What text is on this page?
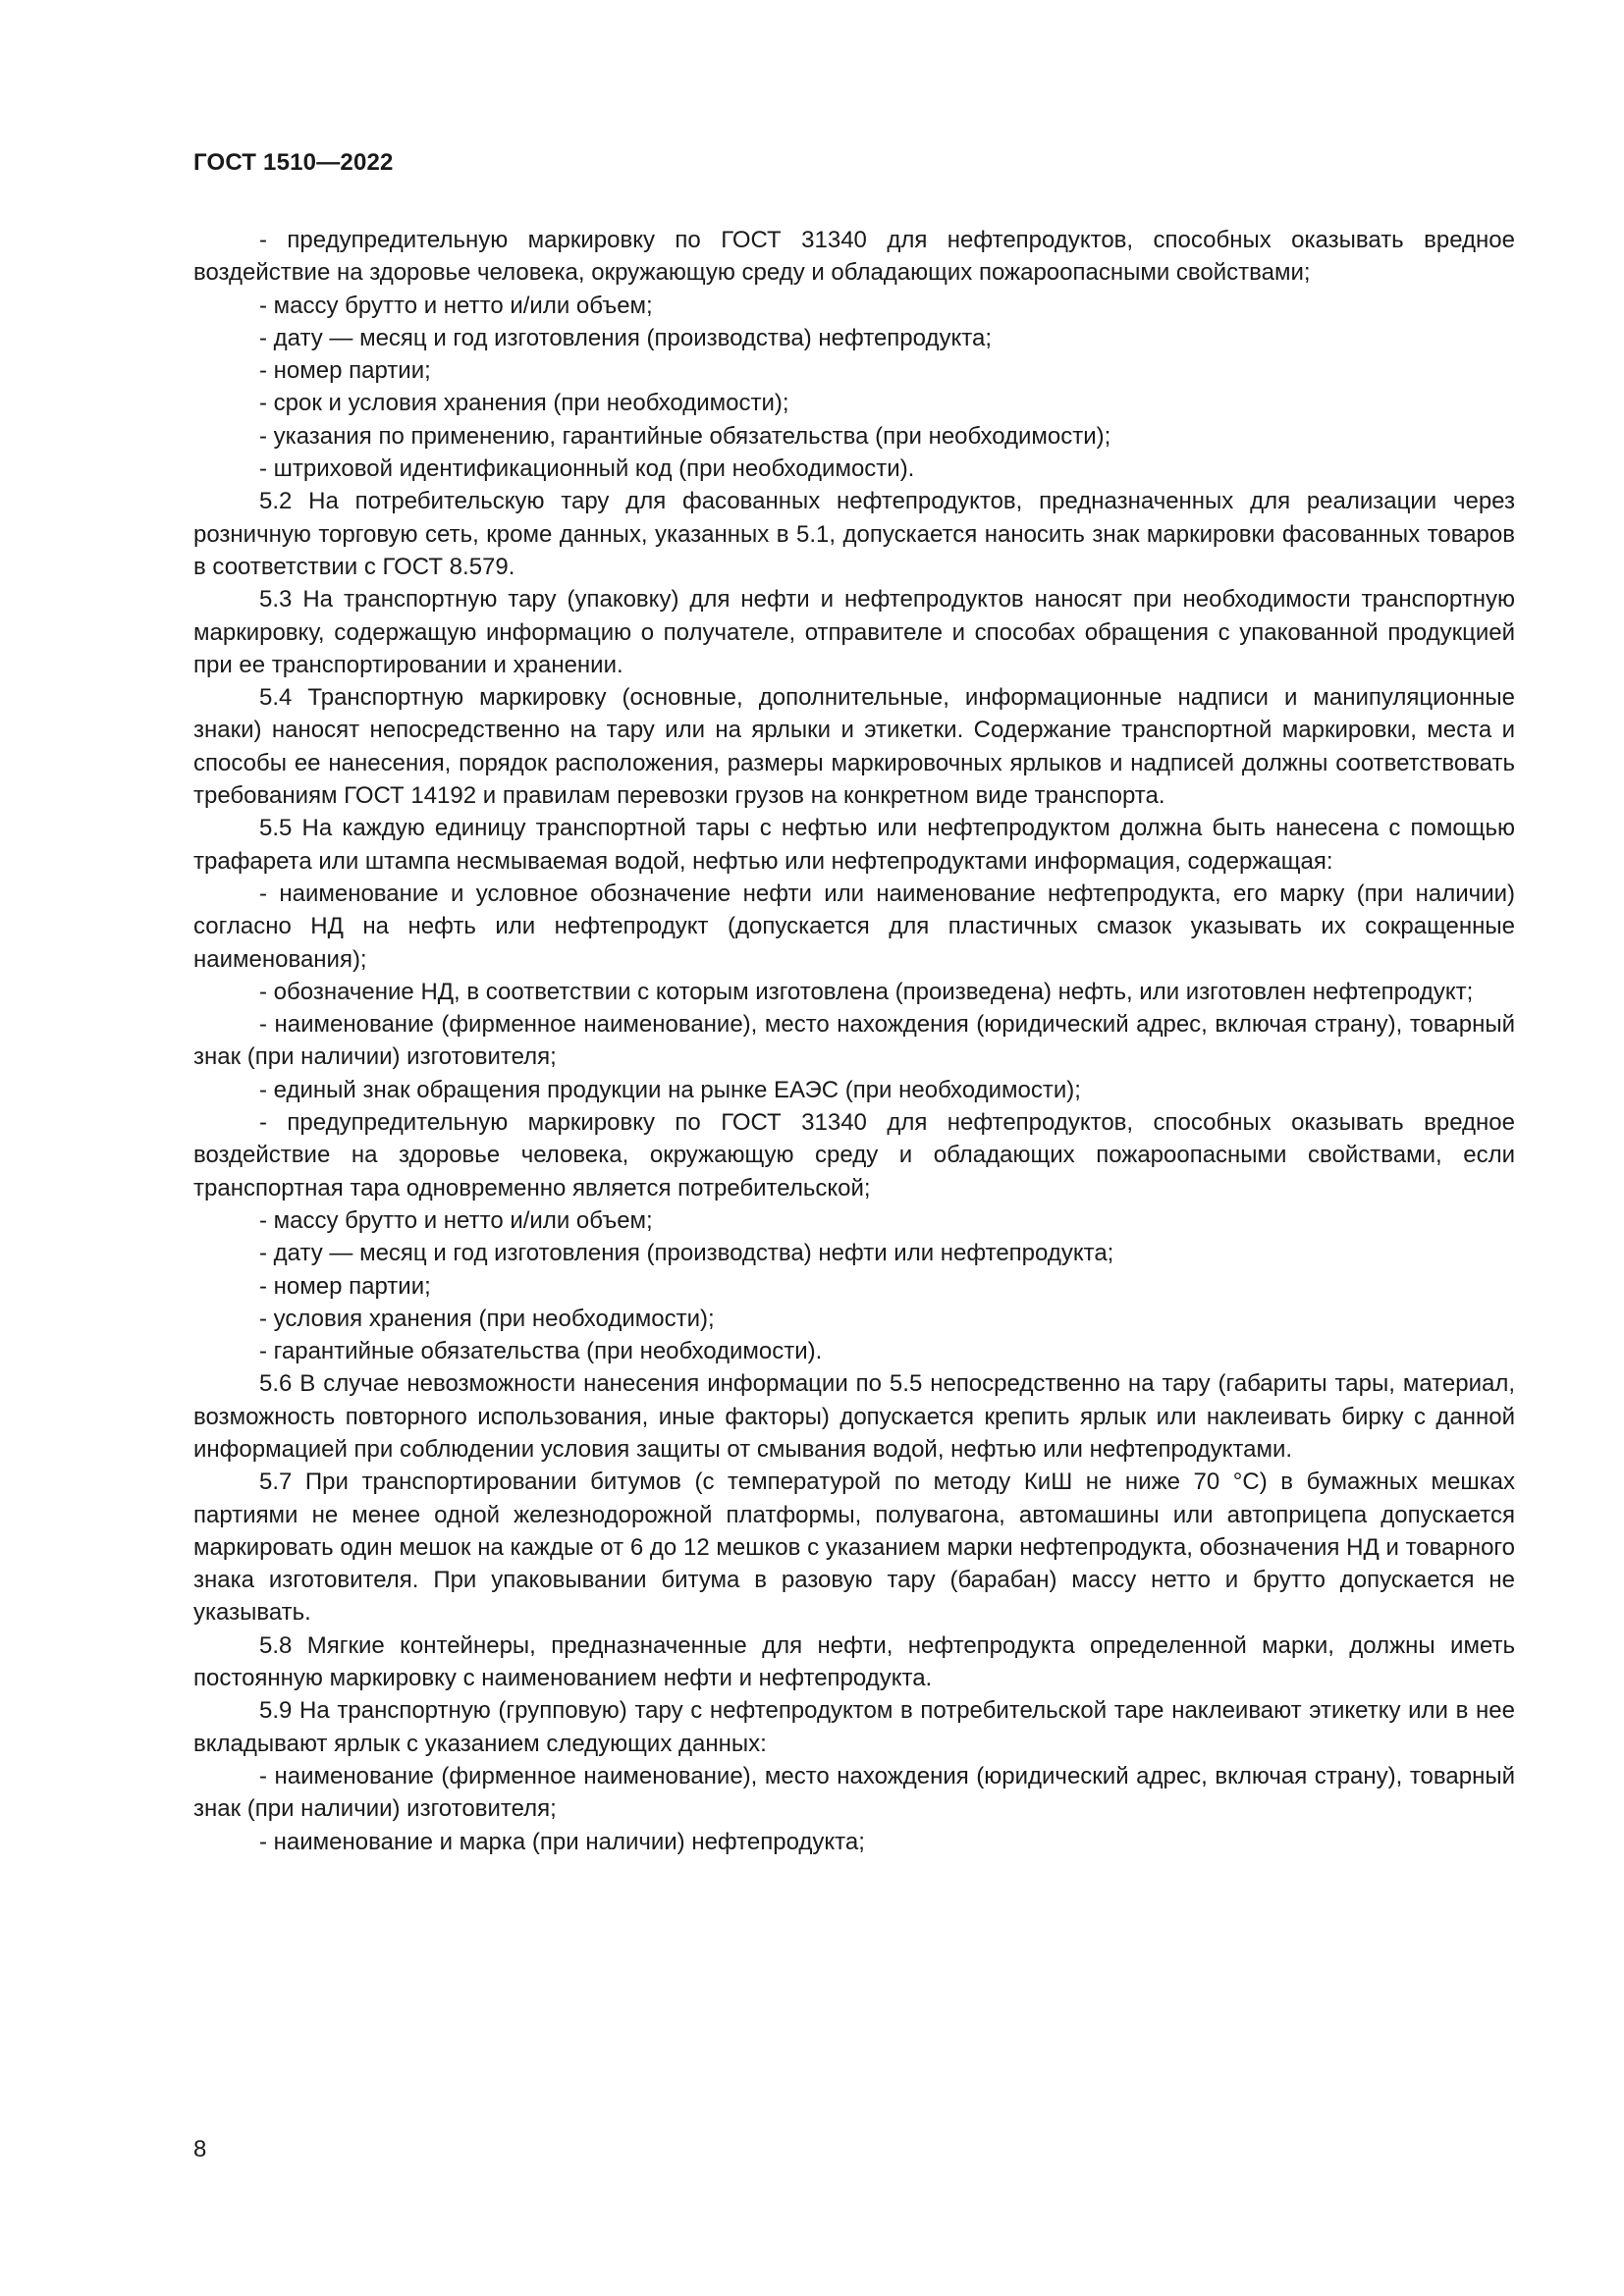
ГОСТ 1510—2022

- предупредительную маркировку по ГОСТ 31340 для нефтепродуктов, способных оказывать вредное воздействие на здоровье человека, окружающую среду и обладающих пожароопасными свойствами;

- массу брутто и нетто и/или объем;

- дату — месяц и год изготовления (производства) нефтепродукта;

- номер партии;

- срок и условия хранения (при необходимости);

- указания по применению, гарантийные обязательства (при необходимости);

- штриховой идентификационный код (при необходимости).

5.2 На потребительскую тару для фасованных нефтепродуктов, предназначенных для реализации через розничную торговую сеть, кроме данных, указанных в 5.1, допускается наносить знак маркировки фасованных товаров в соответствии с ГОСТ 8.579.

5.3 На транспортную тару (упаковку) для нефти и нефтепродуктов наносят при необходимости транспортную маркировку, содержащую информацию о получателе, отправителе и способах обращения с упакованной продукцией при ее транспортировании и хранении.

5.4 Транспортную маркировку (основные, дополнительные, информационные надписи и манипуляционные знаки) наносят непосредственно на тару или на ярлыки и этикетки. Содержание транспортной маркировки, места и способы ее нанесения, порядок расположения, размеры маркировочных ярлыков и надписей должны соответствовать требованиям ГОСТ 14192 и правилам перевозки грузов на конкретном виде транспорта.

5.5 На каждую единицу транспортной тары с нефтью или нефтепродуктом должна быть нанесена с помощью трафарета или штампа несмываемая водой, нефтью или нефтепродуктами информация, содержащая:

- наименование и условное обозначение нефти или наименование нефтепродукта, его марку (при наличии) согласно НД на нефть или нефтепродукт (допускается для пластичных смазок указывать их сокращенные наименования);

- обозначение НД, в соответствии с которым изготовлена (произведена) нефть, или изготовлен нефтепродукт;

- наименование (фирменное наименование), место нахождения (юридический адрес, включая страну), товарный знак (при наличии) изготовителя;

- единый знак обращения продукции на рынке ЕАЭС (при необходимости);

- предупредительную маркировку по ГОСТ 31340 для нефтепродуктов, способных оказывать вредное воздействие на здоровье человека, окружающую среду и обладающих пожароопасными свойствами, если транспортная тара одновременно является потребительской;

- массу брутто и нетто и/или объем;

- дату — месяц и год изготовления (производства) нефти или нефтепродукта;

- номер партии;

- условия хранения (при необходимости);

- гарантийные обязательства (при необходимости).

5.6 В случае невозможности нанесения информации по 5.5 непосредственно на тару (габариты тары, материал, возможность повторного использования, иные факторы) допускается крепить ярлык или наклеивать бирку с данной информацией при соблюдении условия защиты от смывания водой, нефтью или нефтепродуктами.

5.7 При транспортировании битумов (с температурой по методу КиШ не ниже 70 °С) в бумажных мешках партиями не менее одной железнодорожной платформы, полувагона, автомашины или автоприцепа допускается маркировать один мешок на каждые от 6 до 12 мешков с указанием марки нефтепродукта, обозначения НД и товарного знака изготовителя. При упаковывании битума в разовую тару (барабан) массу нетто и брутто допускается не указывать.

5.8 Мягкие контейнеры, предназначенные для нефти, нефтепродукта определенной марки, должны иметь постоянную маркировку с наименованием нефти и нефтепродукта.

5.9 На транспортную (групповую) тару с нефтепродуктом в потребительской таре наклеивают этикетку или в нее вкладывают ярлык с указанием следующих данных:

- наименование (фирменное наименование), место нахождения (юридический адрес, включая страну), товарный знак (при наличии) изготовителя;

- наименование и марка (при наличии) нефтепродукта;

8
